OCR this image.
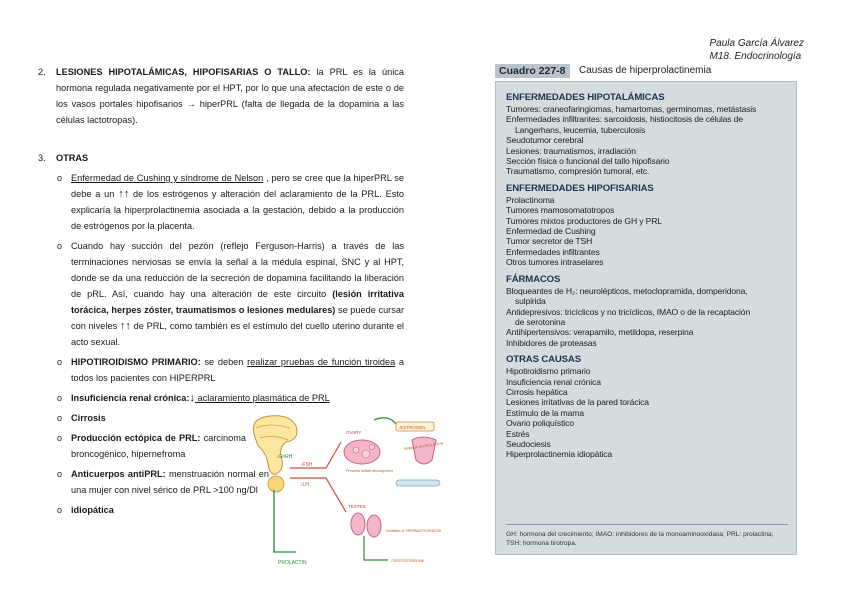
Paula García Álvarez
M18. Endocrinología
2. LESIONES HIPOTALÁMICAS, HIPOFISARIAS O TALLO: la PRL es la única hormona regulada negativamente por el HPT, por lo que una afectación de este o de los vasos portales hipofisarios → hiperPRL (falta de llegada de la dopamina a las células lactotropas).
3. OTRAS
o Enfermedad de Cushing y síndrome de Nelson , pero se cree que la hiperPRL se debe a un ↑↑ de los estrógenos y alteración del aclaramiento de la PRL. Esto explicaría la hiperprolactinemia asociada a la gestación, debido a la producción de estrógenos por la placenta.
o Cuando hay succión del pezón (reflejo Ferguson-Harris) a través de las terminaciones nerviosas se envía la señal a la médula espinal, SNC y al HPT, donde se da una reducción de la secreción de dopamina facilitando la liberación de pRL. Así, cuando hay una alteración de este circuito (lesión irritativa torácica, herpes zóster, traumatismos o lesiones medulares) se puede cursar con niveles ↑↑ de PRL, como también es el estímulo del cuello uterino durante el acto sexual.
o HIPOTIROIDISMO PRIMARIO: se deben realizar pruebas de función tiroidea a todos los pacientes con HIPERPRL
o Insuficiencia renal crónica:↓ aclaramiento plasmática de PRL
o Cirrosis
o Producción ectópica de PRL: carcinoma broncogénico, hipernefroma
o Anticuerpos antiPRL: menstruación normal en una mujer con nivel sérico de PRL >100 ng/Dl
o idiopática
↓GnRH
↓FSH
↓LH
PROLACTIN
OVARY
↓ESTROGEN
Prevents follicle development
Inhibition of OVULATION
TESTES
Inhibition of SPERMATOGENESIS
↓TESTOSTERONE
Cuadro 227-8	Causas de hiperprolactinemia
ENFERMEDADES HIPOTALÁMICAS
Tumores: craneofaringiomas, hamartomas, germinomas, metástasis
Enfermedades infiltrantes: sarcoidosis, histiocitosis de células de
Langerhans, leucemia, tuberculosis
Seudotumor cerebral
Lesiones: traumatismos, irradiación
Sección física o funcional del tallo hipofisario
Traumatismo, compresión tumoral, etc.
ENFERMEDADES HIPOFISARIAS
Prolactinoma
Tumores mamosomatotropos
Tumores mixtos productores de GH y PRL
Enfermedad de Cushing
Tumor secretor de TSH
Enfermedades infiltrantes
Otros tumores intraselares
FÁRMACOS
Bloqueantes de H₂: neurolépticos, metoclopramida, domperidona,
sulpirida
Antidepresivos: tricíclicos y no tricíclicos, IMAO o de la recaptación
de serotonina
Antihipertensivos: verapamilo, metildopa, reserpina
Inhibidores de proteasas
OTRAS CAUSAS
Hipotiroidismo primario
Insuficiencia renal crónica
Cirrosis hepática
Lesiones irritativas de la pared torácica
Estímulo de la mama
Ovario poliquístico
Estrés
Seudociesis
Hiperprolactinemia idiopática
GH: hormona del crecimiento; IMAO: inhibidores de la monoaminooxidasa; PRL: prolactina; TSH: hormona tirotropa.
